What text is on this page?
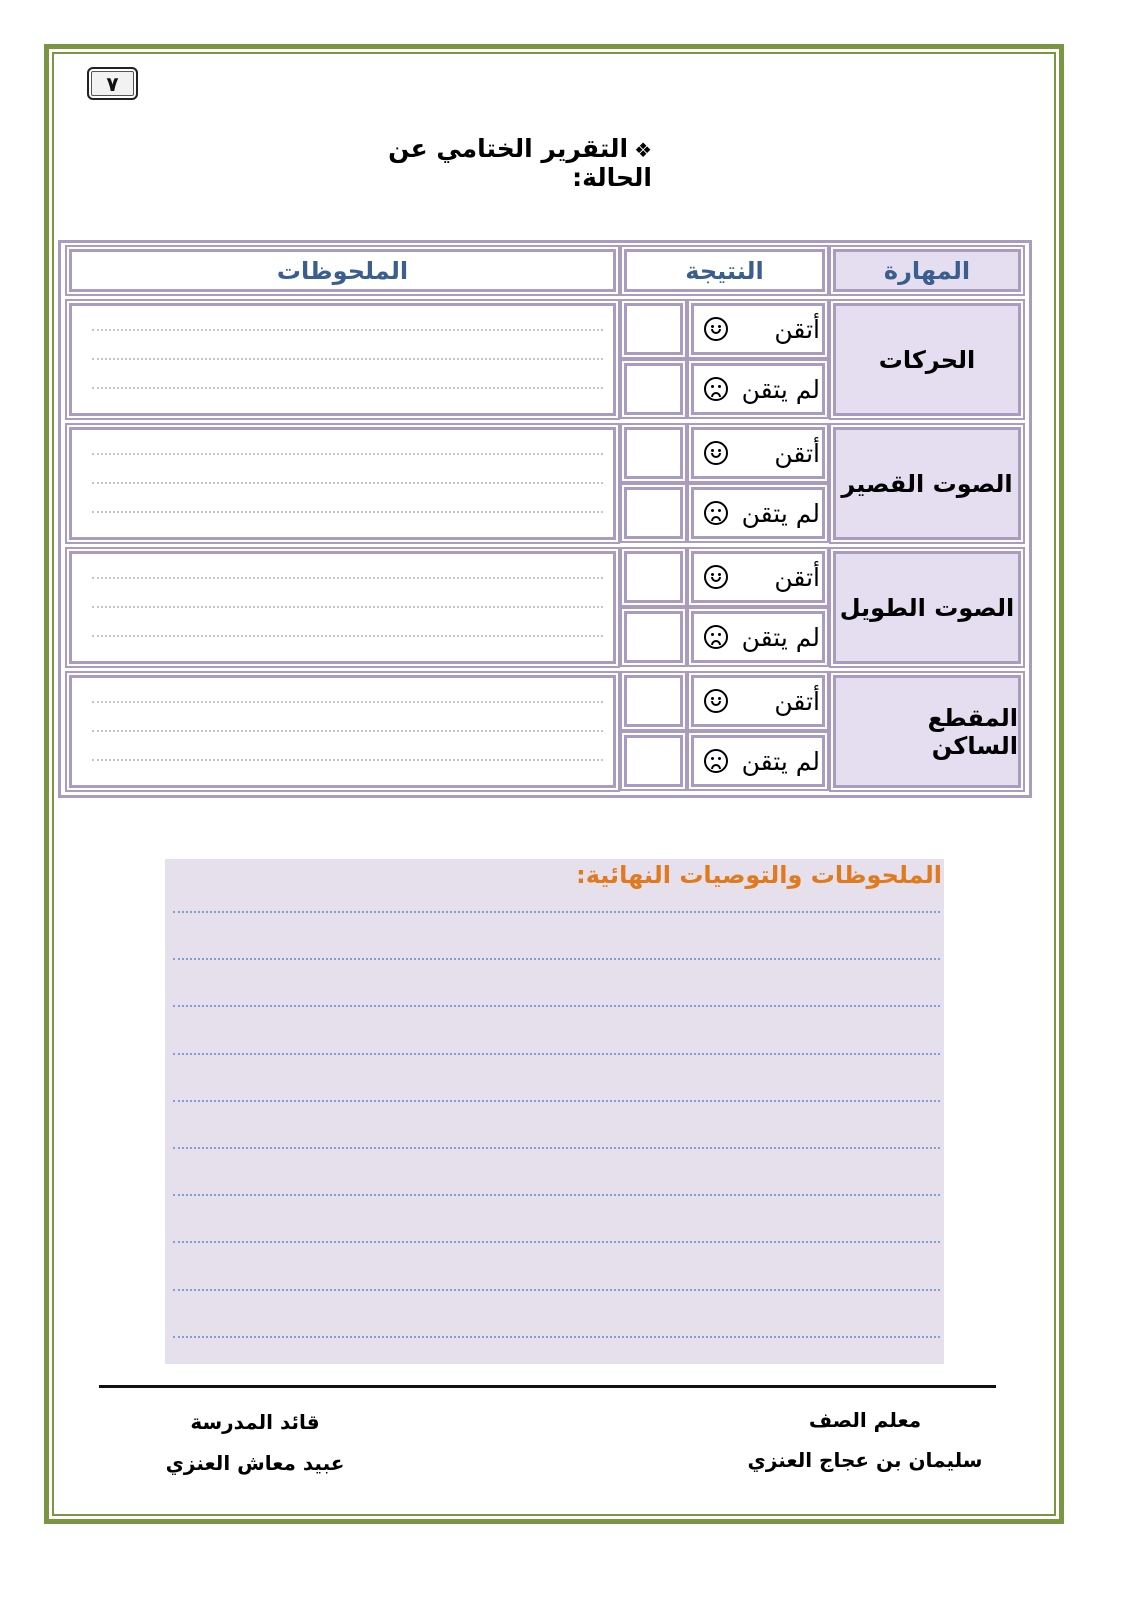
٧
❖التقرير الختامي عن الحالة:
المهارة
النتيجة
الملحوظات
الحركات
أتقن
لم يتقن
الصوت القصير
أتقن
لم يتقن
الصوت الطويل
أتقن
لم يتقن
المقطع الساكن
أتقن
لم يتقن
الملحوظات والتوصيات النهائية:
معلم الصف
سليمان بن عجاج العنزي
قائد المدرسة
عبيد معاش العنزي
